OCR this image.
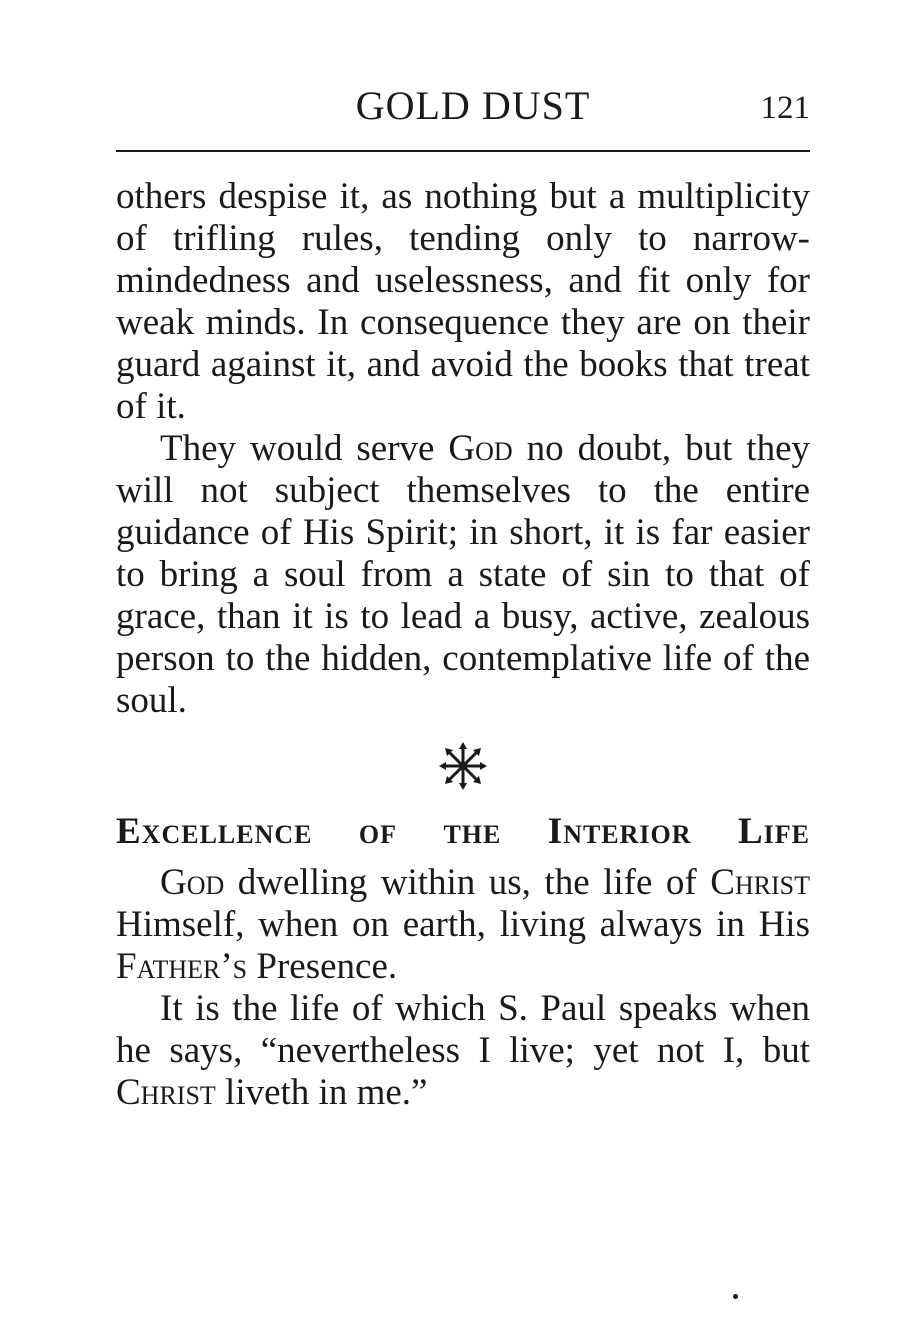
GOLD DUST	121

others despise it, as nothing but a multiplicity of trifling rules, tending only to narrow-mindedness and uselessness, and fit only for weak minds. In consequence they are on their guard against it, and avoid the books that treat of it.

They would serve God no doubt, but they will not subject themselves to the entire guidance of His Spirit; in short, it is far easier to bring a soul from a state of sin to that of grace, than it is to lead a busy, active, zealous person to the hidden, contemplative life of the soul.

Excellence of the Interior Life

God dwelling within us, the life of Christ Himself, when on earth, living always in His Father’s Presence.

It is the life of which S. Paul speaks when he says, “nevertheless I live; yet not I, but Christ liveth in me.”
